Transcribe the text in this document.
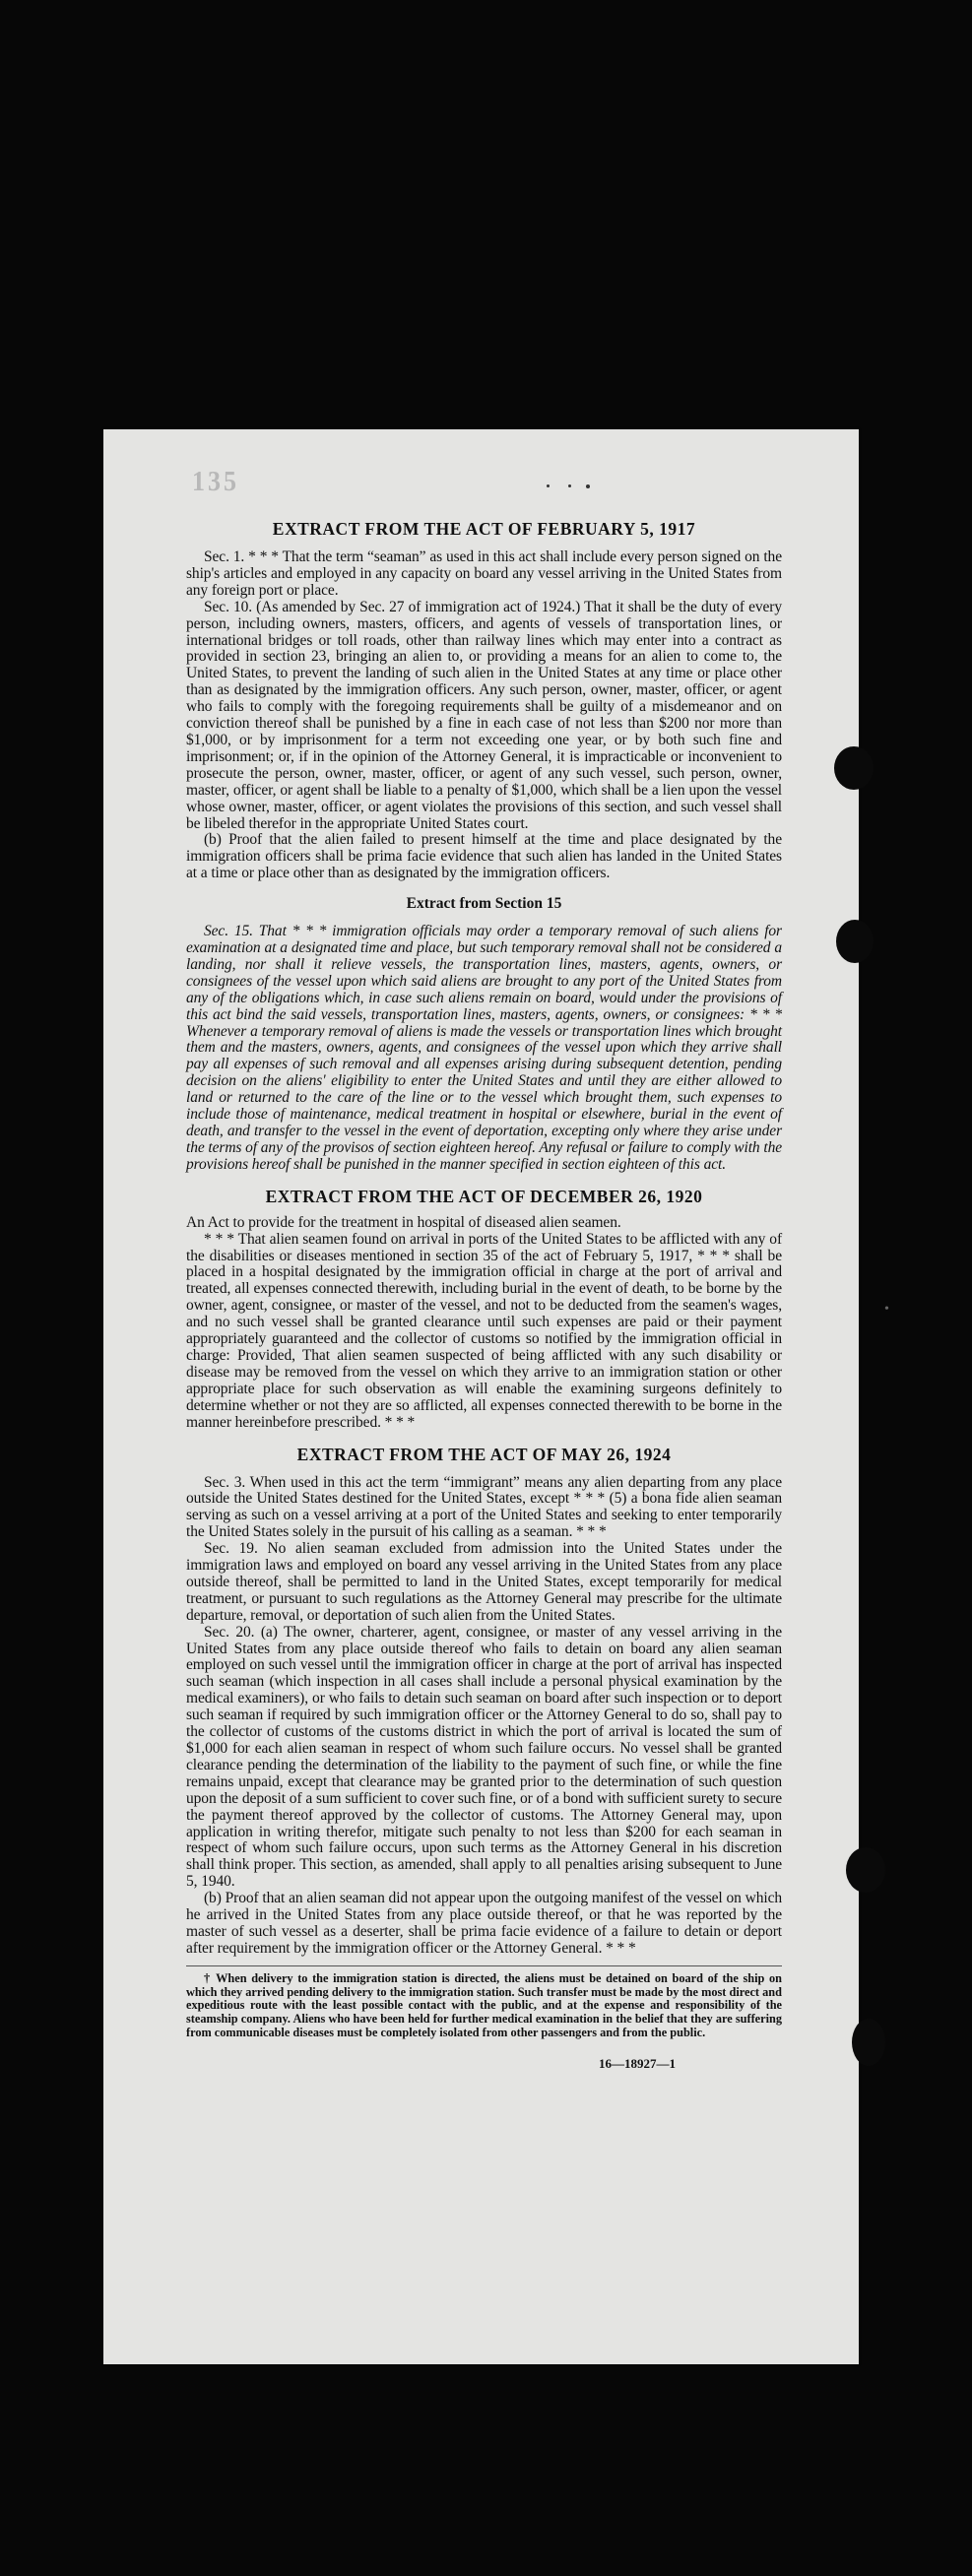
135

EXTRACT FROM THE ACT OF FEBRUARY 5, 1917

Sec. 1. * * * That the term “seaman” as used in this act shall include every person signed on the ship's articles and employed in any capacity on board any vessel arriving in the United States from any foreign port or place.

Sec. 10. (As amended by Sec. 27 of immigration act of 1924.) That it shall be the duty of every person, including owners, masters, officers, and agents of vessels of transportation lines, or international bridges or toll roads, other than railway lines which may enter into a contract as provided in section 23, bringing an alien to, or providing a means for an alien to come to, the United States, to prevent the landing of such alien in the United States at any time or place other than as designated by the immigration officers. Any such person, owner, master, officer, or agent who fails to comply with the foregoing requirements shall be guilty of a misdemeanor and on conviction thereof shall be punished by a fine in each case of not less than $200 nor more than $1,000, or by imprisonment for a term not exceeding one year, or by both such fine and imprisonment; or, if in the opinion of the Attorney General, it is impracticable or inconvenient to prosecute the person, owner, master, officer, or agent of any such vessel, such person, owner, master, officer, or agent shall be liable to a penalty of $1,000, which shall be a lien upon the vessel whose owner, master, officer, or agent violates the provisions of this section, and such vessel shall be libeled therefor in the appropriate United States court.

(b) Proof that the alien failed to present himself at the time and place designated by the immigration officers shall be prima facie evidence that such alien has landed in the United States at a time or place other than as designated by the immigration officers.

Extract from Section 15

Sec. 15. That * * * immigration officials may order a temporary removal of such aliens for examination at a designated time and place, but such temporary removal shall not be considered a landing, nor shall it relieve vessels, the transportation lines, masters, agents, owners, or consignees of the vessel upon which said aliens are brought to any port of the United States from any of the obligations which, in case such aliens remain on board, would under the provisions of this act bind the said vessels, transportation lines, masters, agents, owners, or consignees: * * * Whenever a temporary removal of aliens is made the vessels or transportation lines which brought them and the masters, owners, agents, and consignees of the vessel upon which they arrive shall pay all expenses of such removal and all expenses arising during subsequent detention, pending decision on the aliens' eligibility to enter the United States and until they are either allowed to land or returned to the care of the line or to the vessel which brought them, such expenses to include those of maintenance, medical treatment in hospital or elsewhere, burial in the event of death, and transfer to the vessel in the event of deportation, excepting only where they arise under the terms of any of the provisos of section eighteen hereof. Any refusal or failure to comply with the provisions hereof shall be punished in the manner specified in section eighteen of this act.

EXTRACT FROM THE ACT OF DECEMBER 26, 1920

An Act to provide for the treatment in hospital of diseased alien seamen.

* * * That alien seamen found on arrival in ports of the United States to be afflicted with any of the disabilities or diseases mentioned in section 35 of the act of February 5, 1917, * * * shall be placed in a hospital designated by the immigration official in charge at the port of arrival and treated, all expenses connected therewith, including burial in the event of death, to be borne by the owner, agent, consignee, or master of the vessel, and not to be deducted from the seamen's wages, and no such vessel shall be granted clearance until such expenses are paid or their payment appropriately guaranteed and the collector of customs so notified by the immigration official in charge: Provided, That alien seamen suspected of being afflicted with any such disability or disease may be removed from the vessel on which they arrive to an immigration station or other appropriate place for such observation as will enable the examining surgeons definitely to determine whether or not they are so afflicted, all expenses connected therewith to be borne in the manner hereinbefore prescribed. * * *

EXTRACT FROM THE ACT OF MAY 26, 1924

Sec. 3. When used in this act the term “immigrant” means any alien departing from any place outside the United States destined for the United States, except * * * (5) a bona fide alien seaman serving as such on a vessel arriving at a port of the United States and seeking to enter temporarily the United States solely in the pursuit of his calling as a seaman. * * *

Sec. 19. No alien seaman excluded from admission into the United States under the immigration laws and employed on board any vessel arriving in the United States from any place outside thereof, shall be permitted to land in the United States, except temporarily for medical treatment, or pursuant to such regulations as the Attorney General may prescribe for the ultimate departure, removal, or deportation of such alien from the United States.

Sec. 20. (a) The owner, charterer, agent, consignee, or master of any vessel arriving in the United States from any place outside thereof who fails to detain on board any alien seaman employed on such vessel until the immigration officer in charge at the port of arrival has inspected such seaman (which inspection in all cases shall include a personal physical examination by the medical examiners), or who fails to detain such seaman on board after such inspection or to deport such seaman if required by such immigration officer or the Attorney General to do so, shall pay to the collector of customs of the customs district in which the port of arrival is located the sum of $1,000 for each alien seaman in respect of whom such failure occurs. No vessel shall be granted clearance pending the determination of the liability to the payment of such fine, or while the fine remains unpaid, except that clearance may be granted prior to the determination of such question upon the deposit of a sum sufficient to cover such fine, or of a bond with sufficient surety to secure the payment thereof approved by the collector of customs. The Attorney General may, upon application in writing therefor, mitigate such penalty to not less than $200 for each seaman in respect of whom such failure occurs, upon such terms as the Attorney General in his discretion shall think proper. This section, as amended, shall apply to all penalties arising subsequent to June 5, 1940.

(b) Proof that an alien seaman did not appear upon the outgoing manifest of the vessel on which he arrived in the United States from any place outside thereof, or that he was reported by the master of such vessel as a deserter, shall be prima facie evidence of a failure to detain or deport after requirement by the immigration officer or the Attorney General. * * *

† When delivery to the immigration station is directed, the aliens must be detained on board of the ship on which they arrived pending delivery to the immigration station. Such transfer must be made by the most direct and expeditious route with the least possible contact with the public, and at the expense and responsibility of the steamship company. Aliens who have been held for further medical examination in the belief that they are suffering from communicable diseases must be completely isolated from other passengers and from the public.

16—18927—1

•
